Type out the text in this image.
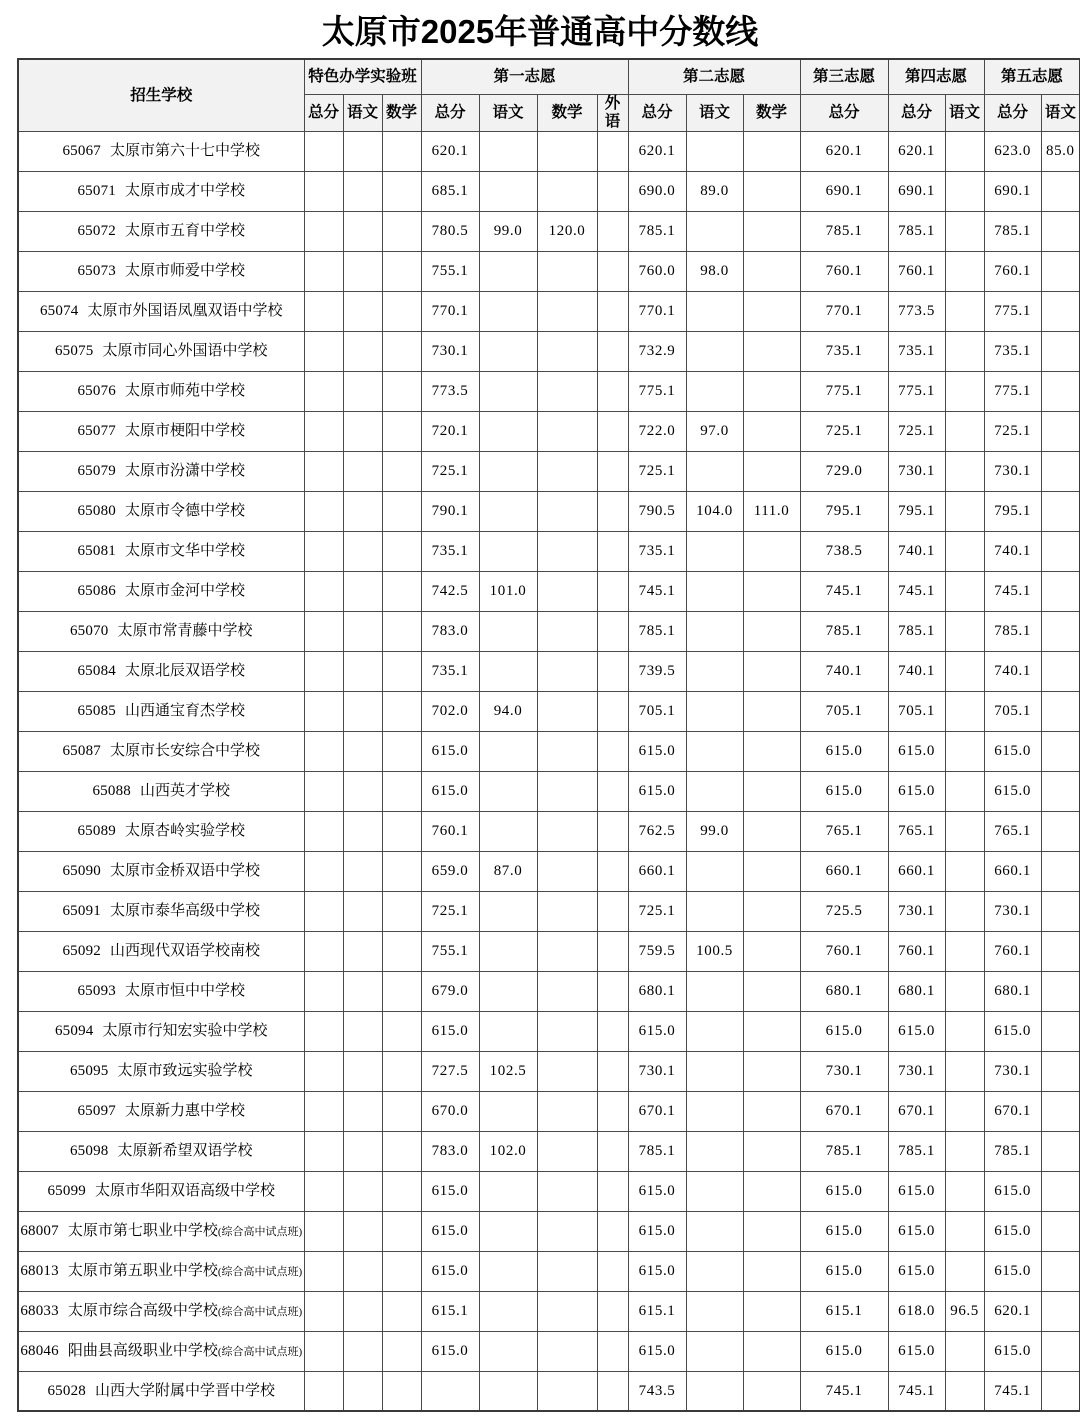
太原市2025年普通高中分数线
招生学校	特色办学实验班			第一志愿				第二志愿			第三志愿	第四志愿		第五志愿	
	总分	语文	数学	总分	语文	数学	外语	总分	语文	数学	总分	总分	语文	总分	语文
65067 太原市第六十七中学校				620.1				620.1			620.1	620.1		623.0	85.0
65071 太原市成才中学校				685.1				690.0	89.0		690.1	690.1		690.1	
65072 太原市五育中学校				780.5	99.0	120.0		785.1			785.1	785.1		785.1	
65073 太原市师爱中学校				755.1				760.0	98.0		760.1	760.1		760.1	
65074 太原市外国语凤凰双语中学校				770.1				770.1			770.1	773.5		775.1	
65075 太原市同心外国语中学校				730.1				732.9			735.1	735.1		735.1	
65076 太原市师苑中学校				773.5				775.1			775.1	775.1		775.1	
65077 太原市梗阳中学校				720.1				722.0	97.0		725.1	725.1		725.1	
65079 太原市汾潇中学校				725.1				725.1			729.0	730.1		730.1	
65080 太原市令德中学校				790.1				790.5	104.0	111.0	795.1	795.1		795.1	
65081 太原市文华中学校				735.1				735.1			738.5	740.1		740.1	
65086 太原市金河中学校				742.5	101.0			745.1			745.1	745.1		745.1	
65070 太原市常青藤中学校				783.0				785.1			785.1	785.1		785.1	
65084 太原北辰双语学校				735.1				739.5			740.1	740.1		740.1	
65085 山西通宝育杰学校				702.0	94.0			705.1			705.1	705.1		705.1	
65087 太原市长安综合中学校				615.0				615.0			615.0	615.0		615.0	
65088 山西英才学校				615.0				615.0			615.0	615.0		615.0	
65089 太原杏岭实验学校				760.1				762.5	99.0		765.1	765.1		765.1	
65090 太原市金桥双语中学校				659.0	87.0			660.1			660.1	660.1		660.1	
65091 太原市泰华高级中学校				725.1				725.1			725.5	730.1		730.1	
65092 山西现代双语学校南校				755.1				759.5	100.5		760.1	760.1		760.1	
65093 太原市恒中中学校				679.0				680.1			680.1	680.1		680.1	
65094 太原市行知宏实验中学校				615.0				615.0			615.0	615.0		615.0	
65095 太原市致远实验学校				727.5	102.5			730.1			730.1	730.1		730.1	
65097 太原新力惠中学校				670.0				670.1			670.1	670.1		670.1	
65098 太原新希望双语学校				783.0	102.0			785.1			785.1	785.1		785.1	
65099 太原市华阳双语高级中学校				615.0				615.0			615.0	615.0		615.0	
68007 太原市第七职业中学校(综合高中试点班)				615.0				615.0			615.0	615.0		615.0	
68013 太原市第五职业中学校(综合高中试点班)				615.0				615.0			615.0	615.0		615.0	
68033 太原市综合高级中学校(综合高中试点班)				615.1				615.1			615.1	618.0	96.5	620.1	
68046 阳曲县高级职业中学校(综合高中试点班)				615.0				615.0			615.0	615.0		615.0	
65028 山西大学附属中学晋中学校								743.5			745.1	745.1		745.1	
